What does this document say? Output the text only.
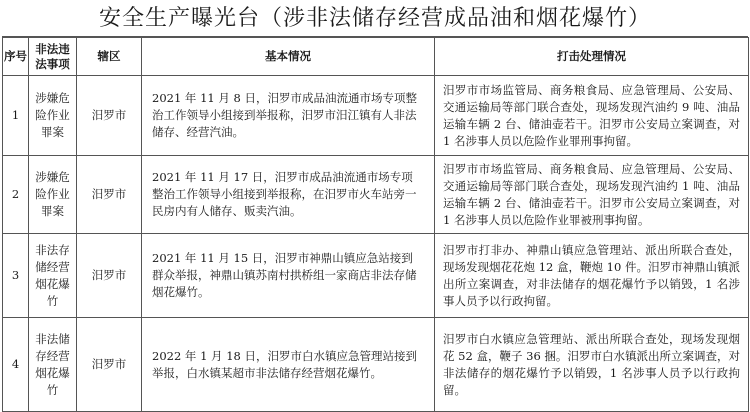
安全生产曝光台（涉非法储存经营成品油和烟花爆竹）
序号	非法违法事项	辖区	基本情况	打击处理情况
1	涉嫌危险作业罪案	汨罗市	2021 年 11 月 8 日，汨罗市成品油流通市场专项整治工作领导小组接到举报称，汨罗市汨江镇有人非法储存、经营汽油。	汨罗市市场监管局、商务粮食局、应急管理局、公安局、交通运输局等部门联合查处，现场发现汽油约 9 吨、油品运输车辆 2 台、储油壶若干。汨罗市公安局立案调查，对 1 名涉事人员以危险作业罪刑事拘留。
2	涉嫌危险作业罪案	汨罗市	2021 年 11 月 17 日，汨罗市成品油流通市场专项整治工作领导小组接到举报称，在汨罗市火车站旁一民房内有人储存、贩卖汽油。	汨罗市市场监管局、商务粮食局、应急管理局、公安局、交通运输局等部门联合查处，现场发现汽油约 1 吨、油品运输车辆 2 台、储油壶若干。汨罗市公安局立案调查，对 1 名涉事人员以危险作业罪被刑事拘留。
3	非法存储经营烟花爆竹	汨罗市	2021 年 11 月 15 日，汨罗市神鼎山镇应急站接到群众举报，神鼎山镇苏南村拱桥组一家商店非法存储烟花爆竹。	汨罗市打非办、神鼎山镇应急管理站、派出所联合查处，现场发现烟花花炮 12 盒，鞭炮 10 件。汨罗市神鼎山镇派出所立案调查，对非法储存的烟花爆竹予以销毁，1 名涉事人员予以行政拘留。
4	非法储存经营烟花爆竹	汨罗市	2022 年 1 月 18 日，汨罗市白水镇应急管理站接到举报，白水镇某超市非法储存经营烟花爆竹。	汨罗市白水镇应急管理站、派出所联合查处，现场发现烟花 52 盒，鞭子 36 捆。汨罗市白水镇派出所立案调查，对非法储存的烟花爆竹予以销毁，1 名涉事人员予以行政拘留。
